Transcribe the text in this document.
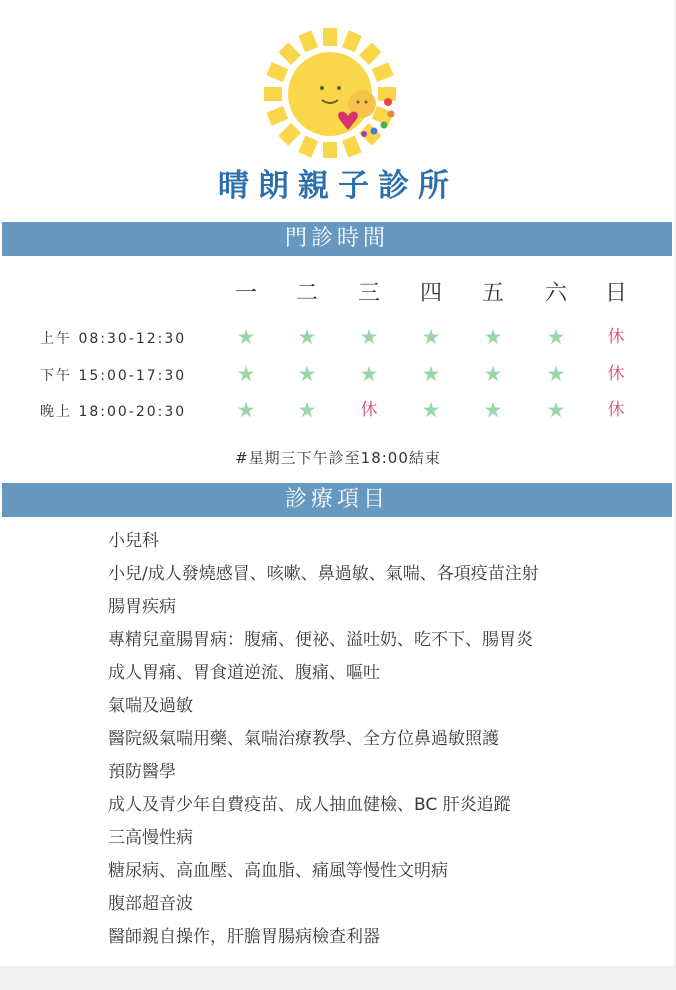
晴朗親子診所
門診時間
一	二	三	四	五	六	日
上午 08:30-12:30 ★ ★ ★ ★ ★ ★	休
下午 15:00-17:30 ★ ★ ★ ★ ★ ★	休
晚上 18:00-20:30 ★ ★	休	★ ★ ★	休
#星期三下午診至18:00結束
診療項目
小兒科
小兒/成人發燒感冒、咳嗽、鼻過敏、氣喘、各項疫苗注射
腸胃疾病
專精兒童腸胃病：腹痛、便祕、溢吐奶、吃不下、腸胃炎
成人胃痛、胃食道逆流、腹痛、嘔吐
氣喘及過敏
醫院級氣喘用藥、氣喘治療教學、全方位鼻過敏照護
預防醫學
成人及青少年自費疫苗、成人抽血健檢、BC 肝炎追蹤
三高慢性病
糖尿病、高血壓、高血脂、痛風等慢性文明病
腹部超音波
醫師親自操作，肝膽胃腸病檢查利器
